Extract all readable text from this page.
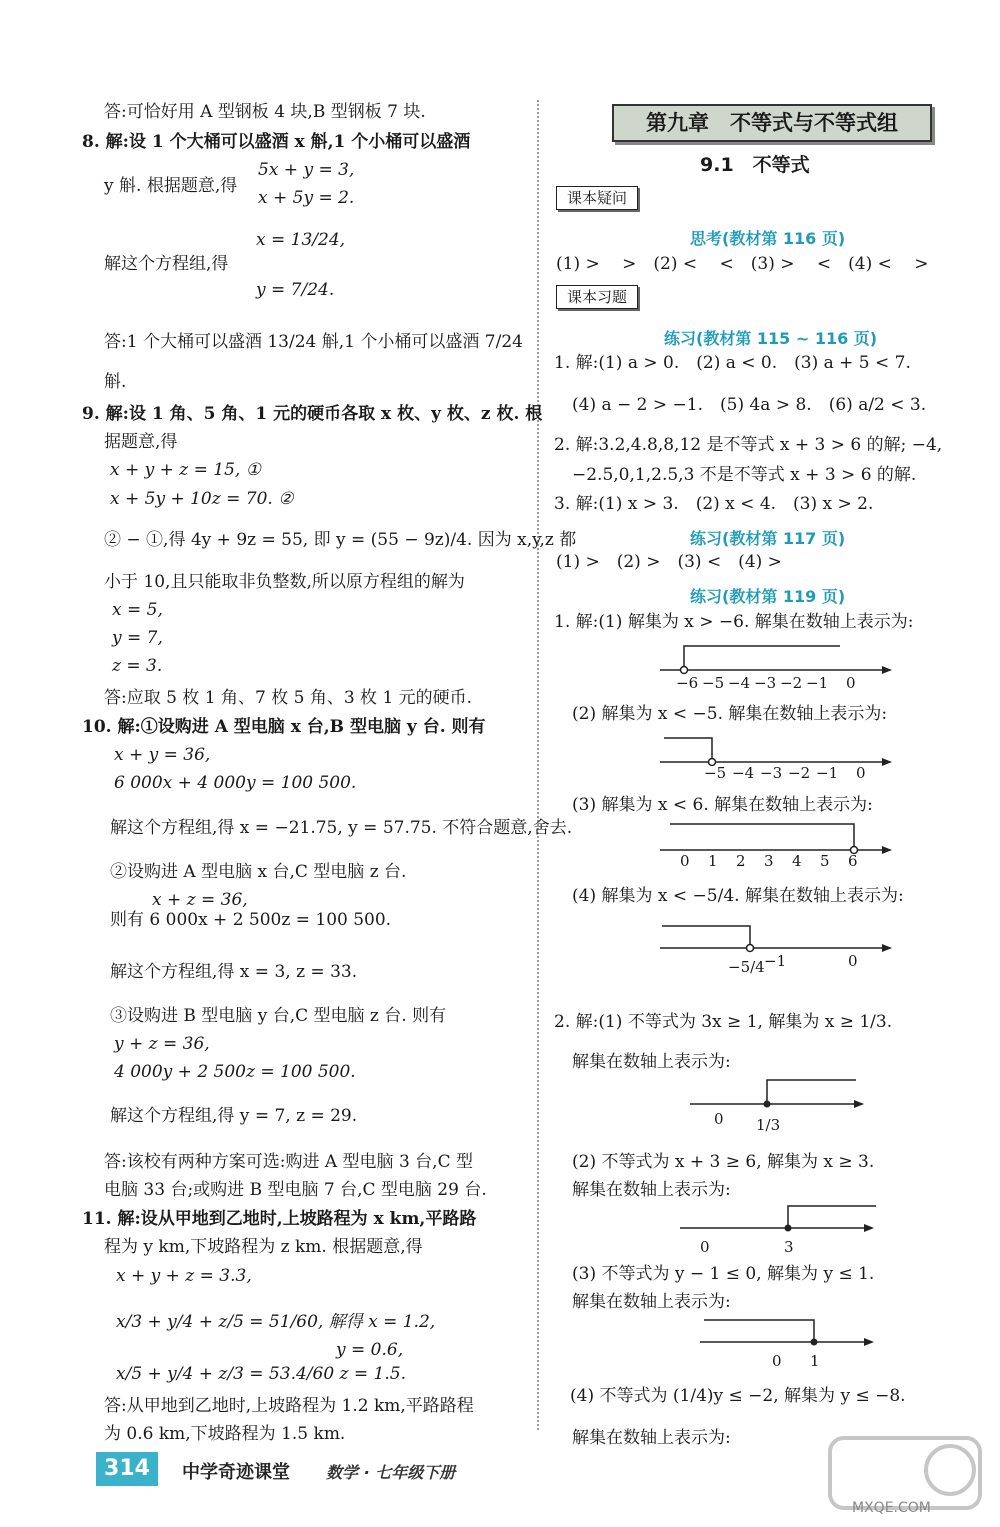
答:可恰好用 A 型钢板 4 块,B 型钢板 7 块.
8. 解:设 1 个大桶可以盛酒 x 斛,1 个小桶可以盛酒
y 斛. 根据题意,得
5x + y = 3,
x + 5y = 2.
x = 13/24,
解这个方程组,得
y = 7/24.
答:1 个大桶可以盛酒 13/24 斛,1 个小桶可以盛酒 7/24
斛.
9. 解:设 1 角、5 角、1 元的硬币各取 x 枚、y 枚、z 枚. 根
据题意,得
x + y + z = 15, ①
x + 5y + 10z = 70. ②
② − ①,得 4y + 9z = 55, 即 y = (55 − 9z)/4. 因为 x,y,z 都
小于 10,且只能取非负整数,所以原方程组的解为
x = 5,
y = 7,
z = 3.
答:应取 5 枚 1 角、7 枚 5 角、3 枚 1 元的硬币.
10. 解:①设购进 A 型电脑 x 台,B 型电脑 y 台. 则有
x + y = 36,
6 000x + 4 000y = 100 500.
解这个方程组,得 x = −21.75, y = 57.75. 不符合题意,舍去.
②设购进 A 型电脑 x 台,C 型电脑 z 台.
x + z = 36,
则有 6 000x + 2 500z = 100 500.
解这个方程组,得 x = 3, z = 33.
③设购进 B 型电脑 y 台,C 型电脑 z 台. 则有
y + z = 36,
4 000y + 2 500z = 100 500.
解这个方程组,得 y = 7, z = 29.
答:该校有两种方案可选:购进 A 型电脑 3 台,C 型
电脑 33 台;或购进 B 型电脑 7 台,C 型电脑 29 台.
11. 解:设从甲地到乙地时,上坡路程为 x km,平路路
程为 y km,下坡路程为 z km. 根据题意,得
x + y + z = 3.3,
x/3 + y/4 + z/5 = 51/60, 解得 x = 1.2,
y = 0.6,
x/5 + y/4 + z/3 = 53.4/60 z = 1.5.
答:从甲地到乙地时,上坡路程为 1.2 km,平路路程
为 0.6 km,下坡路程为 1.5 km.
第九章　不等式与不等式组
9.1　不等式
课本疑问
思考(教材第 116 页)
(1) >　 >　(2) <　 <　(3) >　 <　(4) <　 >
课本习题
练习(教材第 115 ~ 116 页)
1. 解:(1) a > 0.　(2) a < 0.　(3) a + 5 < 7.
(4) a − 2 > −1.　(5) 4a > 8.　(6) a/2 < 3.
2. 解:3.2,4.8,8,12 是不等式 x + 3 > 6 的解; −4,
−2.5,0,1,2.5,3 不是不等式 x + 3 > 6 的解.
3. 解:(1) x > 3.　(2) x < 4.　(3) x > 2.
练习(教材第 117 页)
(1) >　(2) >　(3) <　(4) >
练习(教材第 119 页)
1. 解:(1) 解集为 x > −6. 解集在数轴上表示为:
−6 −5 −4 −3 −2 −1 0
(2) 解集为 x < −5. 解集在数轴上表示为:
−5 −4 −3 −2 −1 0
(3) 解集为 x < 6. 解集在数轴上表示为:
0 1 2 3 4 5 6
(4) 解集为 x < −5/4. 解集在数轴上表示为:
−5/4 −1	0
2. 解:(1) 不等式为 3x ≥ 1, 解集为 x ≥ 1/3.
解集在数轴上表示为:
0 1/3
(2) 不等式为 x + 3 ≥ 6, 解集为 x ≥ 3.
解集在数轴上表示为:
0	3
(3) 不等式为 y − 1 ≤ 0, 解集为 y ≤ 1.
解集在数轴上表示为:
0 1
(4) 不等式为 (1/4)y ≤ −2, 解集为 y ≤ −8.
解集在数轴上表示为:
314	中学奇迹课堂 数学 · 七年级下册
MXQE.COM
